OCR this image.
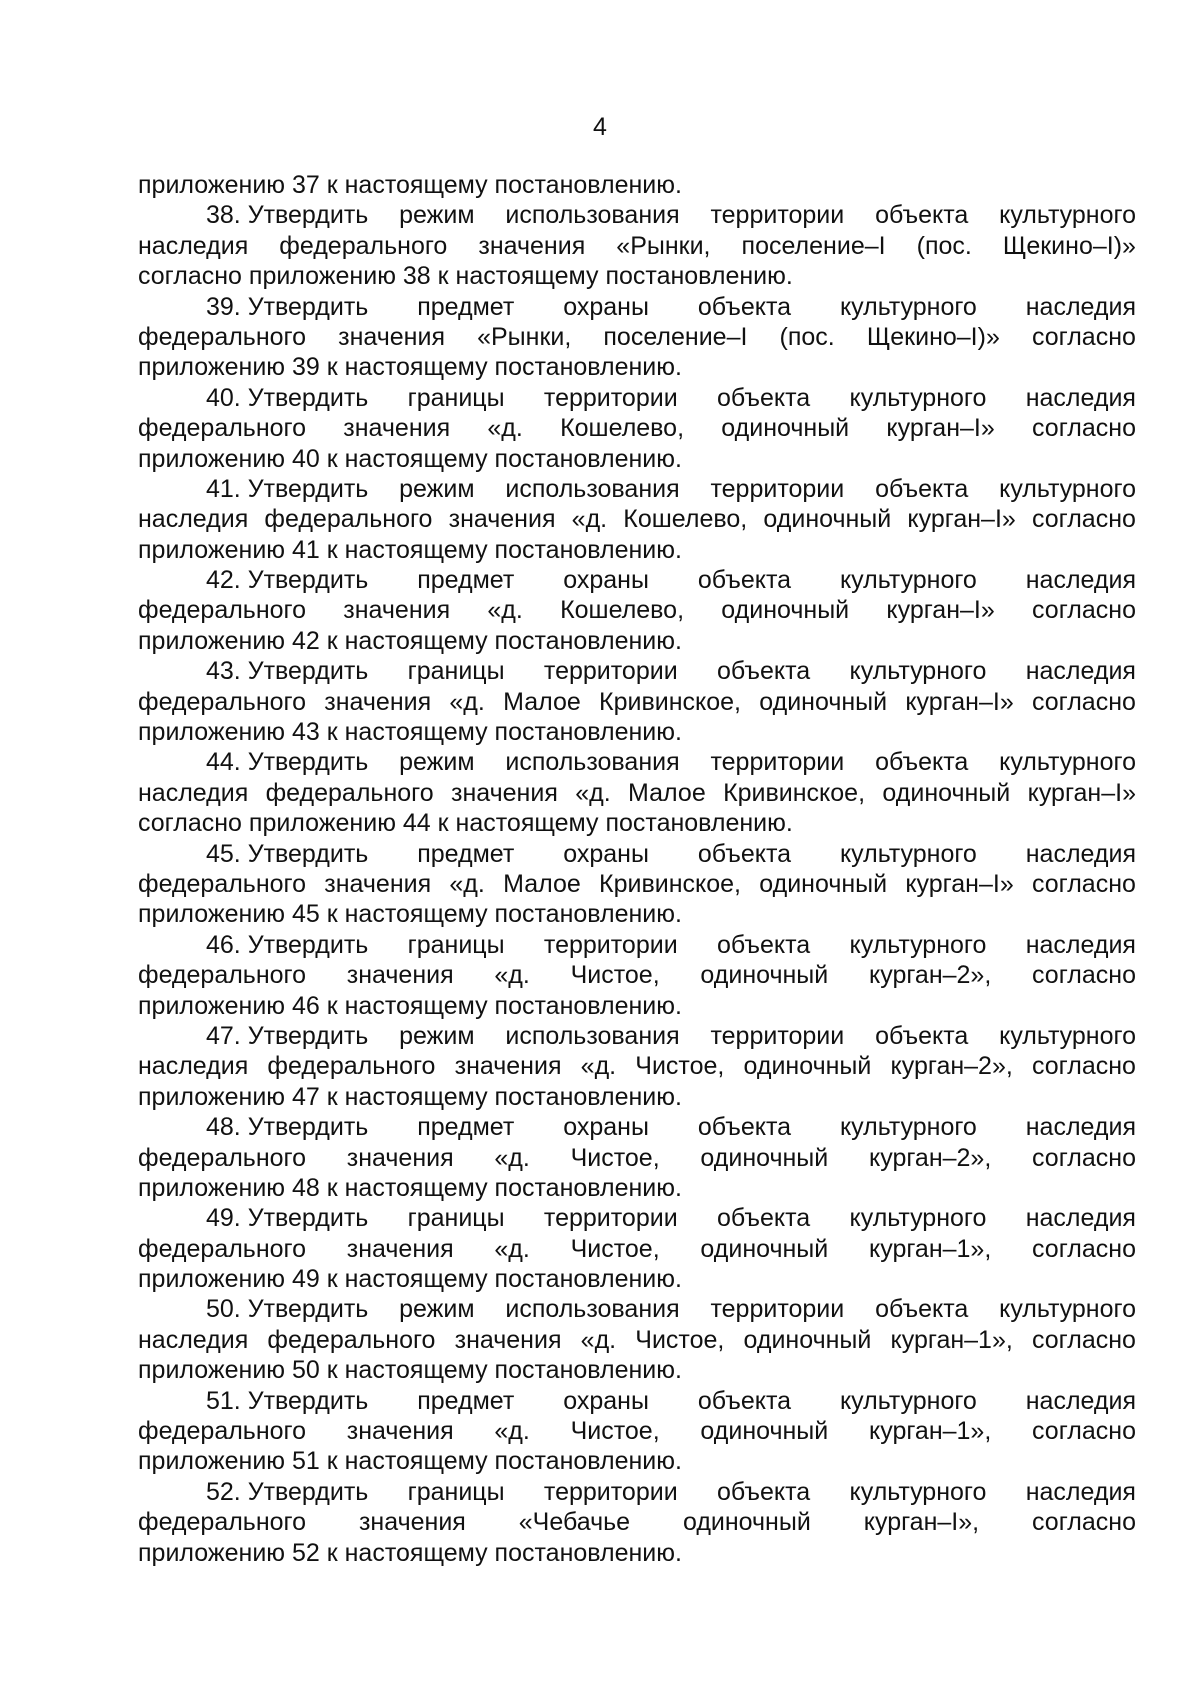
4
приложению 37 к настоящему постановлению.
38. Утвердить режим использования территории объекта культурного
наследия федерального значения «Рынки, поселение–I (пос. Щекино–I)»
согласно приложению 38 к настоящему постановлению.
39. Утвердить предмет охраны объекта культурного наследия
федерального значения «Рынки, поселение–I (пос. Щекино–I)» согласно
приложению 39 к настоящему постановлению.
40. Утвердить границы территории объекта культурного наследия
федерального значения «д. Кошелево, одиночный курган–I» согласно
приложению 40 к настоящему постановлению.
41. Утвердить режим использования территории объекта культурного
наследия федерального значения «д. Кошелево, одиночный курган–I» согласно
приложению 41 к настоящему постановлению.
42. Утвердить предмет охраны объекта культурного наследия
федерального значения «д. Кошелево, одиночный курган–I» согласно
приложению 42 к настоящему постановлению.
43. Утвердить границы территории объекта культурного наследия
федерального значения «д. Малое Кривинское, одиночный курган–I» согласно
приложению 43 к настоящему постановлению.
44. Утвердить режим использования территории объекта культурного
наследия федерального значения «д. Малое Кривинское, одиночный курган–I»
согласно приложению 44 к настоящему постановлению.
45. Утвердить предмет охраны объекта культурного наследия
федерального значения «д. Малое Кривинское, одиночный курган–I» согласно
приложению 45 к настоящему постановлению.
46. Утвердить границы территории объекта культурного наследия
федерального значения «д. Чистое, одиночный курган–2», согласно
приложению 46 к настоящему постановлению.
47. Утвердить режим использования территории объекта культурного
наследия федерального значения «д. Чистое, одиночный курган–2», согласно
приложению 47 к настоящему постановлению.
48. Утвердить предмет охраны объекта культурного наследия
федерального значения «д. Чистое, одиночный курган–2», согласно
приложению 48 к настоящему постановлению.
49. Утвердить границы территории объекта культурного наследия
федерального значения «д. Чистое, одиночный курган–1», согласно
приложению 49 к настоящему постановлению.
50. Утвердить режим использования территории объекта культурного
наследия федерального значения «д. Чистое, одиночный курган–1», согласно
приложению 50 к настоящему постановлению.
51. Утвердить предмет охраны объекта культурного наследия
федерального значения «д. Чистое, одиночный курган–1», согласно
приложению 51 к настоящему постановлению.
52. Утвердить границы территории объекта культурного наследия
федерального значения «Чебачье одиночный курган–I», согласно
приложению 52 к настоящему постановлению.
